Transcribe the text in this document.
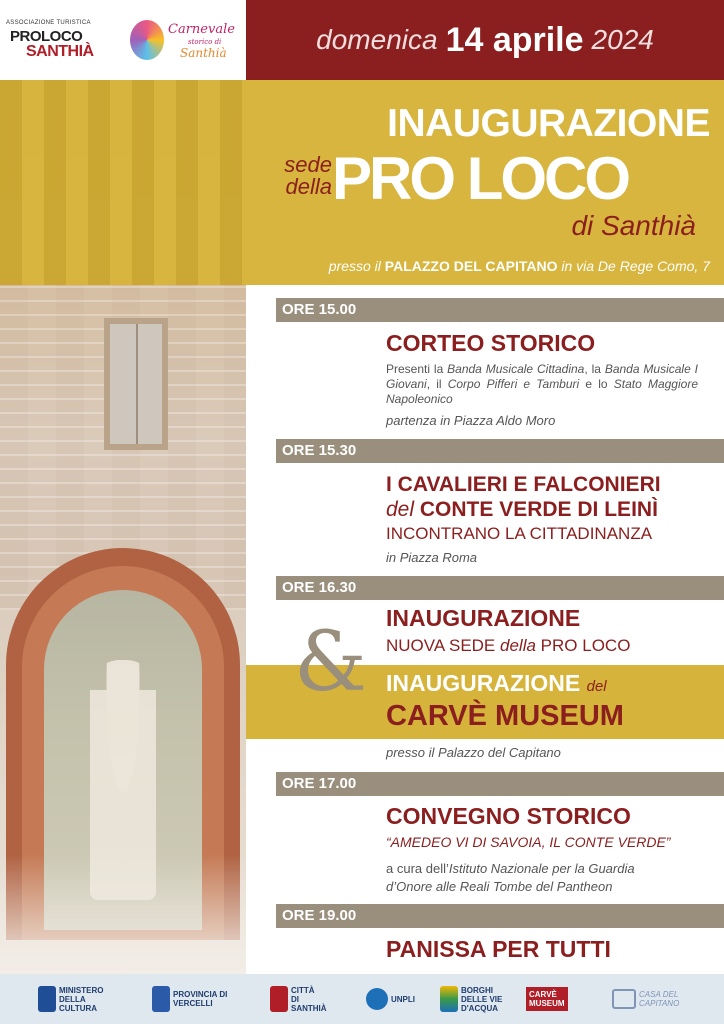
ASSOCIAZIONE TURISTICA
PROLOCO
SANTHIÀ
Carnevale
storico di
Santhià	domenica 14 aprile 2024
INAUGURAZIONE
sede
della PRO LOCO
di Santhià
presso il PALAZZO DEL CAPITANO in via De Rege Como, 7
ORE 15.00
CORTEO STORICO
Presenti la Banda Musicale Cittadina, la Banda Musicale I Giovani, il Corpo Pifferi e Tamburi e lo Stato Maggiore Napoleonico
partenza in Piazza Aldo Moro
ORE 15.30
I CAVALIERI E FALCONIERI
del CONTE VERDE DI LEINÌ
INCONTRANO LA CITTADINANZA
in Piazza Roma
ORE 16.30
INAUGURAZIONE
NUOVA SEDE della PRO LOCO
& INAUGURAZIONE del
CARVÈ MUSEUM
presso il Palazzo del Capitano
ORE 17.00
CONVEGNO STORICO
“AMEDEO VI DI SAVOIA, IL CONTE VERDE”
a cura dell’Istituto Nazionale per la Guardia
d’Onore alle Reali Tombe del Pantheon
ORE 19.00
PANISSA PER TUTTI
MINISTERO
DELLA
CULTURA
PROVINCIA DI
VERCELLI
CITTÀ
DI
SANTHIÀ
UNPLI
BORGHI
DELLE VIE
D'ACQUA
CARVÈ
MUSEUM
CASA DEL
CAPITANO
